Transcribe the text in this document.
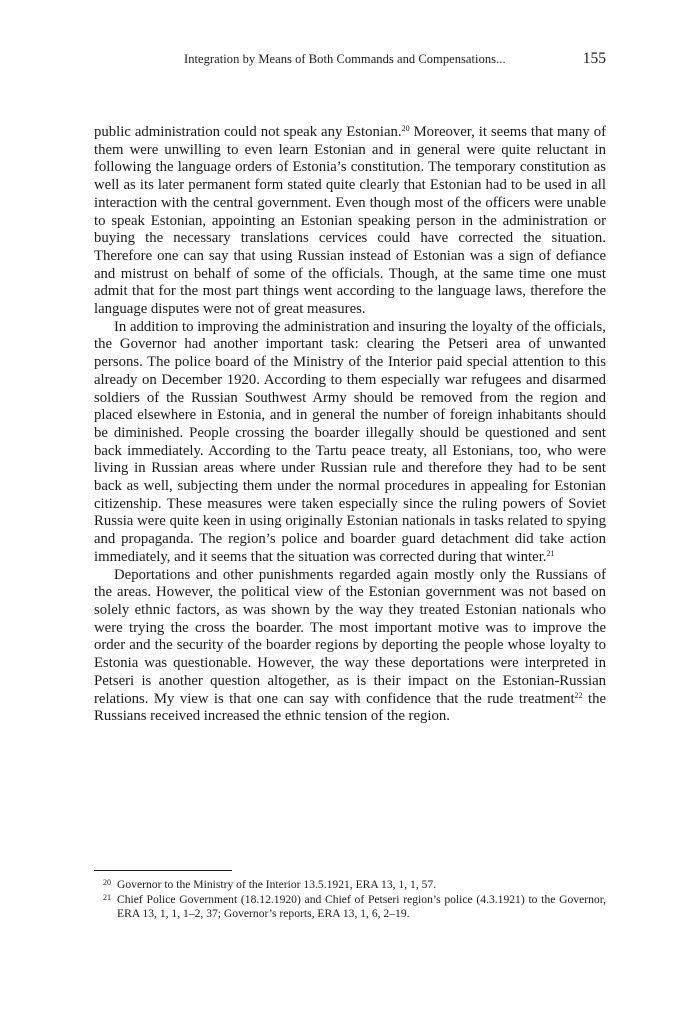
Integration by Means of Both Commands and Compensations...	155

public administration could not speak any Estonian.$^{20}$ Moreover, it seems that many of them were unwilling to even learn Estonian and in general were quite reluctant in following the language orders of Estonia’s constitution. The temporary constitution as well as its later permanent form stated quite clearly that Estonian had to be used in all interaction with the central government. Even though most of the officers were unable to speak Estonian, appointing an Estonian speaking person in the administration or buying the necessary translations cervices could have corrected the situation. Therefore one can say that using Russian instead of Estonian was a sign of defiance and mistrust on behalf of some of the officials. Though, at the same time one must admit that for the most part things went according to the language laws, therefore the language disputes were not of great measures.

In addition to improving the administration and insuring the loyalty of the officials, the Governor had another important task: clearing the Petseri area of unwanted persons. The police board of the Ministry of the Interior paid special attention to this already on December 1920. According to them especially war refugees and disarmed soldiers of the Russian Southwest Army should be removed from the region and placed elsewhere in Estonia, and in general the number of foreign inhabitants should be diminished. People crossing the boarder illegally should be questioned and sent back immediately. According to the Tartu peace treaty, all Estonians, too, who were living in Russian areas where under Russian rule and therefore they had to be sent back as well, subjecting them under the normal procedures in appealing for Estonian citizenship. These measures were taken especially since the ruling powers of Soviet Russia were quite keen in using originally Estonian nationals in tasks related to spying and propaganda. The region’s police and boarder guard detachment did take action immediately, and it seems that the situation was corrected during that winter.$^{21}$

Deportations and other punishments regarded again mostly only the Russians of the areas. However, the political view of the Estonian government was not based on solely ethnic factors, as was shown by the way they treated Estonian nationals who were trying the cross the boarder. The most important motive was to improve the order and the security of the boarder regions by deporting the people whose loyalty to Estonia was questionable. However, the way these deportations were interpreted in Petseri is another question altogether, as is their impact on the Estonian-Russian relations. My view is that one can say with confidence that the rude treatment$^{22}$ the Russians received increased the ethnic tension of the region.

20 Governor to the Ministry of the Interior 13.5.1921, ERA 13, 1, 1, 57.
21 Chief Police Government (18.12.1920) and Chief of Petseri region’s police (4.3.1921) to the Governor, ERA 13, 1, 1, 1–2, 37; Governor’s reports, ERA 13, 1, 6, 2–19.
